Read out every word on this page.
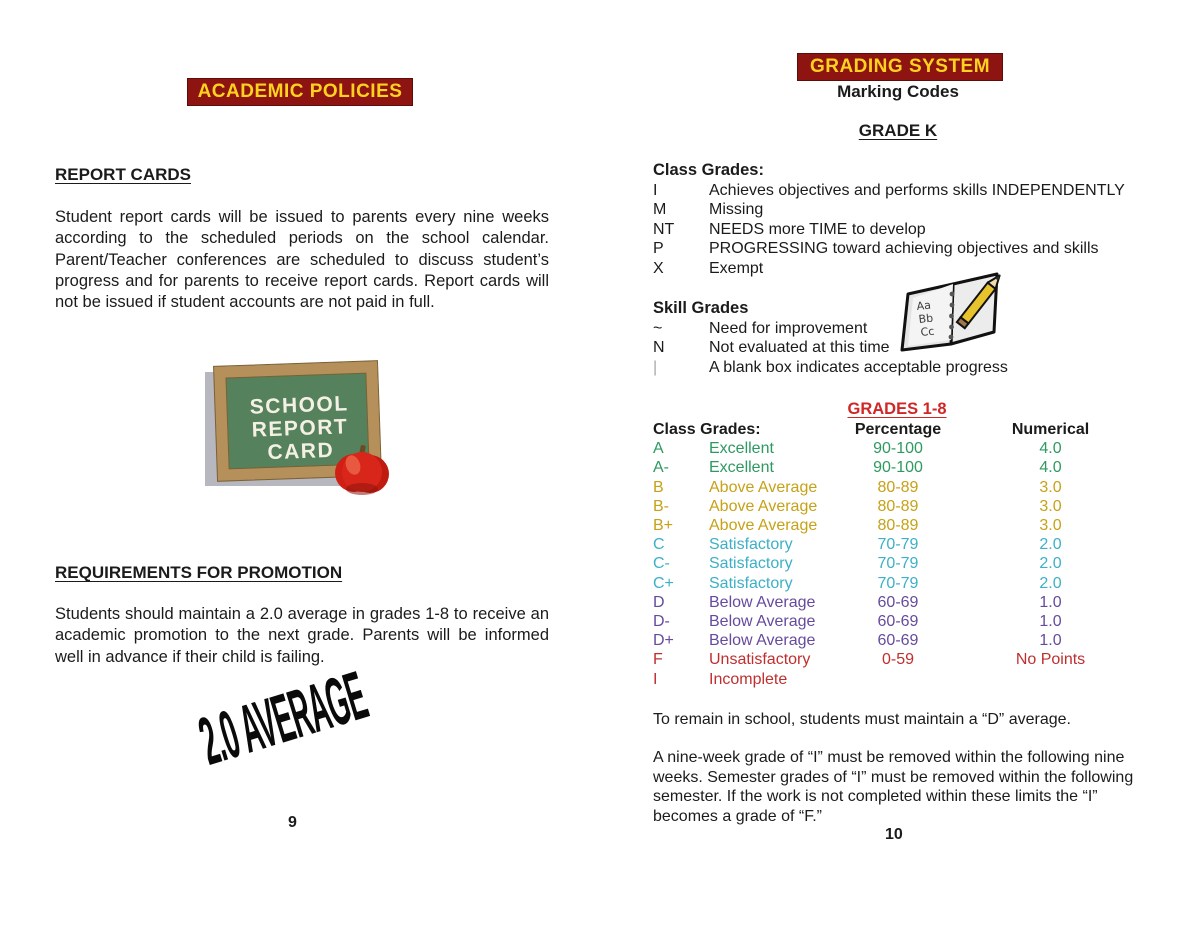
ACADEMIC POLICIES
REPORT CARDS
Student report cards will be issued to parents every nine weeks according to the scheduled periods on the school calendar. Parent/Teacher conferences are scheduled to discuss student’s progress and for parents to receive report cards. Report cards will not be issued if student accounts are not paid in full.
SCHOOL
REPORT
CARD
REQUIREMENTS FOR PROMOTION
Students should maintain a 2.0 average in grades 1-8 to receive an academic promotion to the next grade. Parents will be informed well in advance if their child is failing.
2.0 AVERAGE
9
GRADING SYSTEM
Marking Codes
GRADE K
Class Grades:
I	Achieves objectives and performs skills INDEPENDENTLY
M	Missing
NT	NEEDS more TIME to develop
P	PROGRESSING toward achieving objectives and skills
X	Exempt
Skill Grades
~	Need for improvement
N	Not evaluated at this time
|	A blank box indicates acceptable progress
Aa
Bb
Cc
GRADES 1-8
Class Grades:	Percentage	Numerical
A	Excellent	90-100	4.0
A-	Excellent	90-100	4.0
B	Above Average	80-89	3.0
B-	Above Average	80-89	3.0
B+	Above Average	80-89	3.0
C	Satisfactory	70-79	2.0
C-	Satisfactory	70-79	2.0
C+	Satisfactory	70-79	2.0
D	Below Average	60-69	1.0
D-	Below Average	60-69	1.0
D+	Below Average	60-69	1.0
F	Unsatisfactory	0-59	No Points
I	Incomplete
To remain in school, students must maintain a “D” average.
A nine-week grade of “I” must be removed within the following nine weeks. Semester grades of “I” must be removed within the following semester. If the work is not completed within these limits the “I” becomes a grade of “F.”
10
